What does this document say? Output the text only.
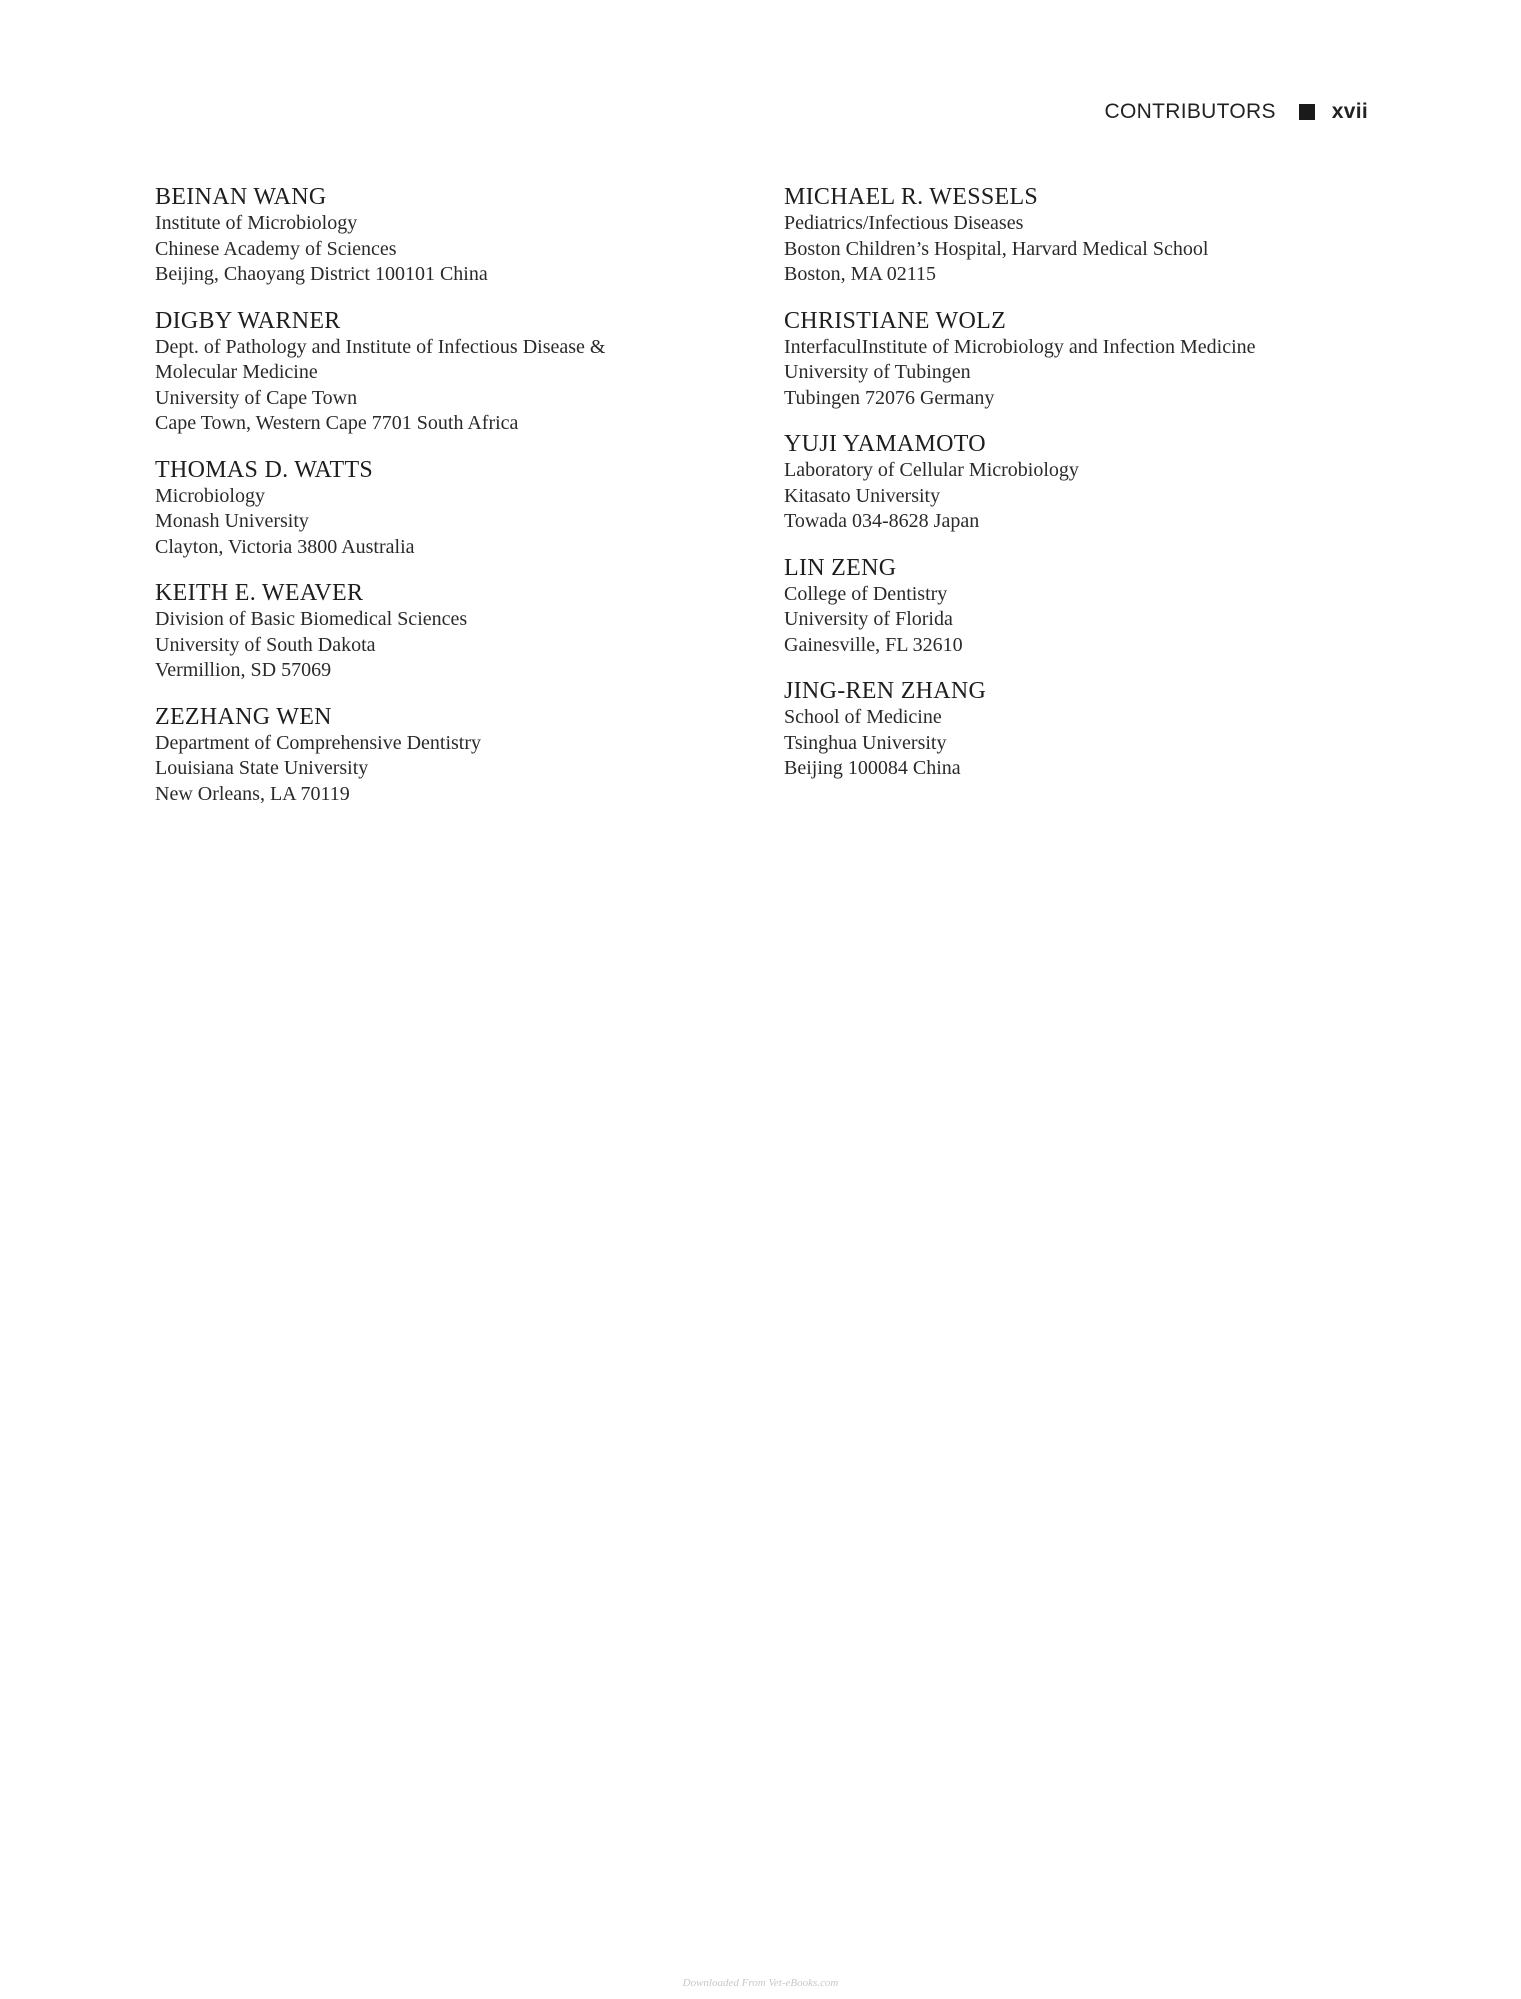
CONTRIBUTORS	xvii
BEINAN WANG
Institute of Microbiology
Chinese Academy of Sciences
Beijing, Chaoyang District 100101 China
DIGBY WARNER
Dept. of Pathology and Institute of Infectious Disease &
Molecular Medicine
University of Cape Town
Cape Town, Western Cape 7701 South Africa
THOMAS D. WATTS
Microbiology
Monash University
Clayton, Victoria 3800 Australia
KEITH E. WEAVER
Division of Basic Biomedical Sciences
University of South Dakota
Vermillion, SD 57069
ZEZHANG WEN
Department of Comprehensive Dentistry
Louisiana State University
New Orleans, LA 70119
MICHAEL R. WESSELS
Pediatrics/Infectious Diseases
Boston Children’s Hospital, Harvard Medical School
Boston, MA 02115
CHRISTIANE WOLZ
InterfaculInstitute of Microbiology and Infection Medicine
University of Tubingen
Tubingen 72076 Germany
YUJI YAMAMOTO
Laboratory of Cellular Microbiology
Kitasato University
Towada 034-8628 Japan
LIN ZENG
College of Dentistry
University of Florida
Gainesville, FL 32610
JING-REN ZHANG
School of Medicine
Tsinghua University
Beijing 100084 China
Downloaded From Vet-eBooks.com
